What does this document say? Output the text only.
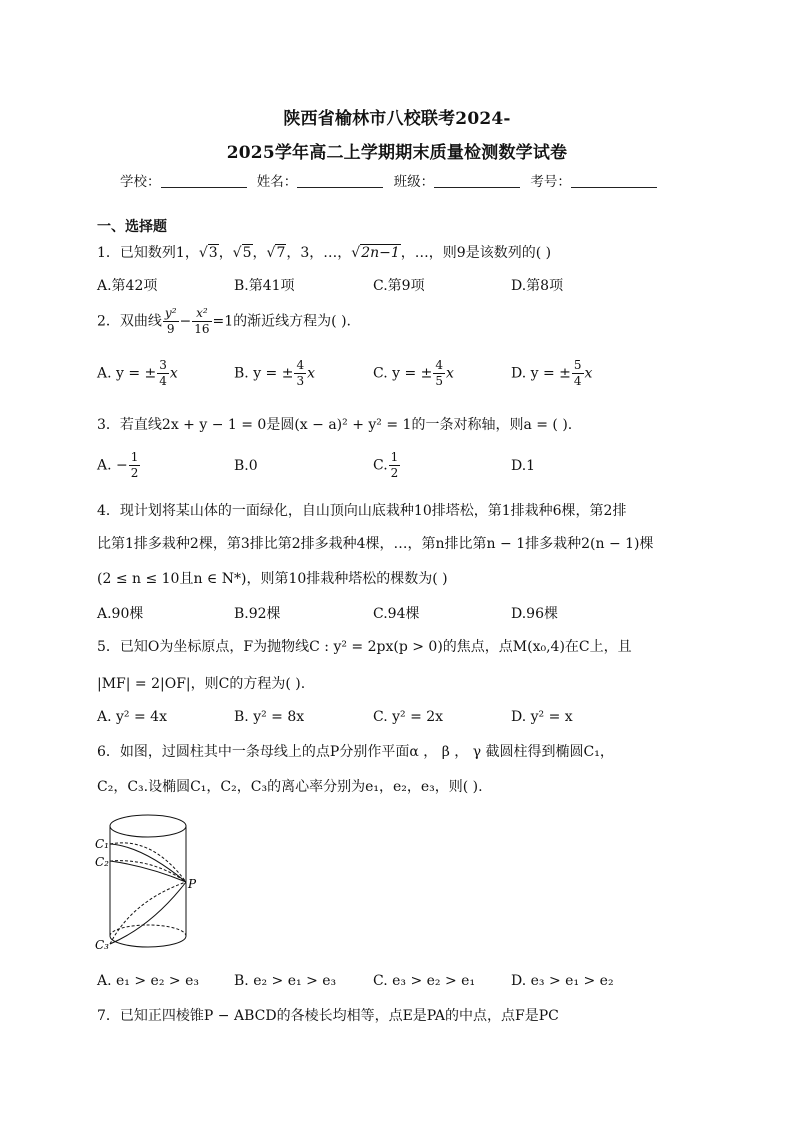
陕西省榆林市八校联考2024-
2025学年高二上学期期末质量检测数学试卷
学校：	姓名：	班级：	考号：
一、选择题
1．已知数列1，√3，√5，√7，3，…，√2n−1，…，则9是该数列的( )
A.第42项	B.第41项	C.第9项	D.第8项
2．双曲线 $\frac{\text{y²}}{9} - \frac{\text{x²}}{16} =1$的渐近线方程为( ).
A. y = ± $\frac{3}{4}$ x	B. y = ± $\frac{4}{3}$ x	C. y = ± $\frac{4}{5}$ x	D. y = ± $\frac{5}{4}$ x
3．若直线2x + y − 1 = 0是圆(x − a)² + y² = 1的一条对称轴，则a = ( ).
A. − $\frac{1}{2}$	B.0	C. $\frac{1}{2}$	D.1
4．现计划将某山体的一面绿化，自山顶向山底栽种10排塔松，第1排栽种6棵，第2排
比第1排多栽种2棵，第3排比第2排多栽种4棵，…，第n排比第n − 1排多栽种2(n − 1)棵
(2 ≤ n ≤ 10且n ∈ N*)，则第10排栽种塔松的棵数为( )
A.90棵	B.92棵	C.94棵	D.96棵
5．已知O为坐标原点，F为抛物线C : y² = 2px(p > 0)的焦点，点M(x₀,4)在C上，且
|MF| = 2|OF|，则C的方程为( ).
A. y² = 4x	B. y² = 8x	C. y² = 2x	D. y² = x
6．如图，过圆柱其中一条母线上的点P分别作平面α ， β ， γ 截圆柱得到椭圆C₁，
C₂，C₃.设椭圆C₁，C₂，C₃的离心率分别为e₁，e₂，e₃，则( ).
C₁
C₂
P
C₃
A. e₁ > e₂ > e₃	B. e₂ > e₁ > e₃	C. e₃ > e₂ > e₁	D. e₃ > e₁ > e₂
7．已知正四棱锥P − ABCD的各棱长均相等，点E是PA的中点，点F是PC
